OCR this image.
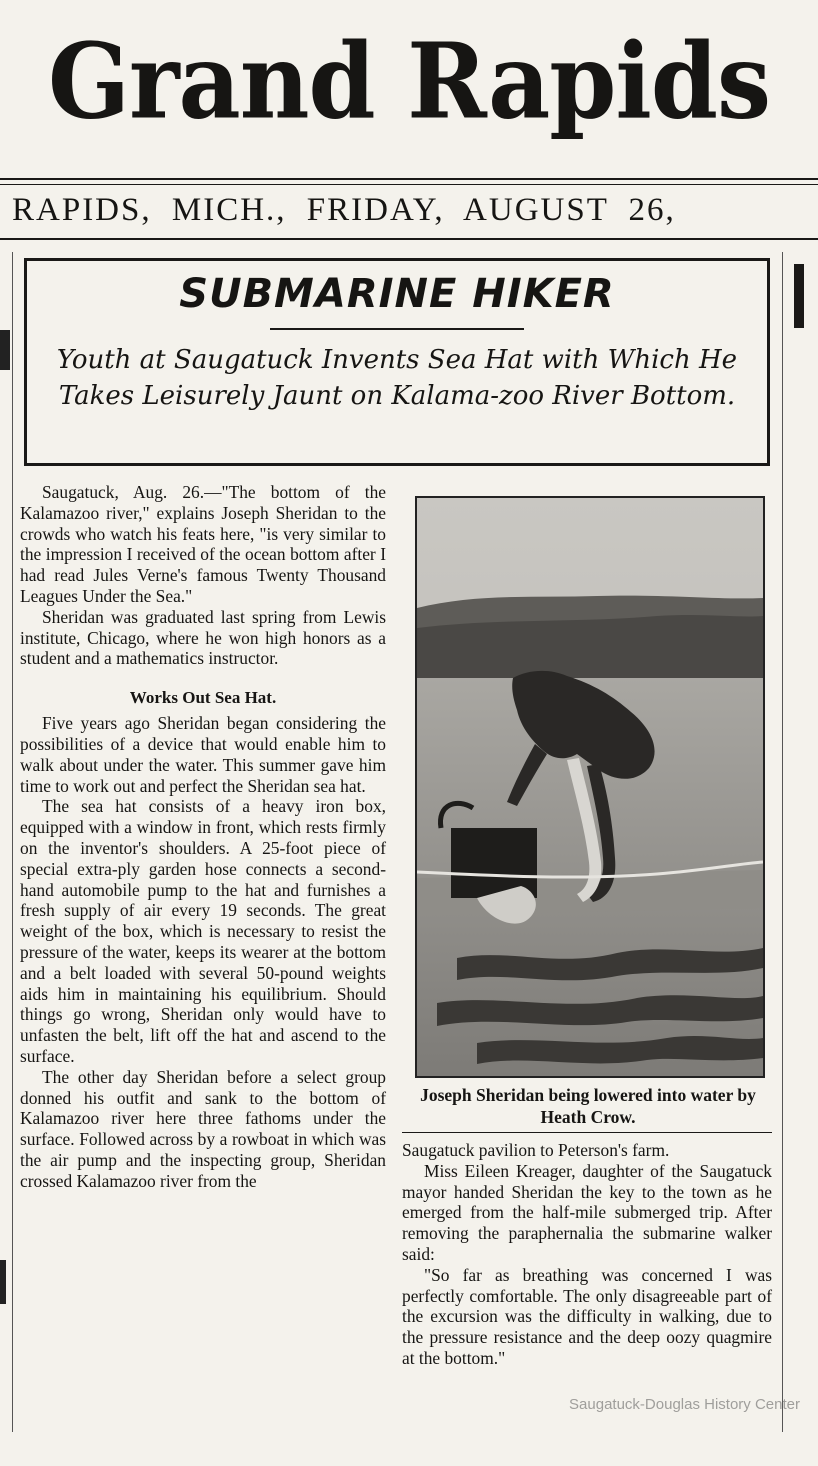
Grand Rapids
RAPIDS, MICH., FRIDAY, AUGUST 26,
SUBMARINE HIKER
Youth at Saugatuck Invents Sea Hat with Which He Takes Leisurely Jaunt on Kalama-zoo River Bottom.

Saugatuck, Aug. 26.—"The bottom of the Kalamazoo river," explains Joseph Sheridan to the crowds who watch his feats here, "is very similar to the impression I received of the ocean bottom after I had read Jules Verne's famous Twenty Thousand Leagues Under the Sea."

Sheridan was graduated last spring from Lewis institute, Chicago, where he won high honors as a student and a mathematics instructor.

Works Out Sea Hat.

Five years ago Sheridan began considering the possibilities of a device that would enable him to walk about under the water. This summer gave him time to work out and perfect the Sheridan sea hat.

The sea hat consists of a heavy iron box, equipped with a window in front, which rests firmly on the inventor's shoulders. A 25-foot piece of special extra-ply garden hose connects a second-hand automobile pump to the hat and furnishes a fresh supply of air every 19 seconds. The great weight of the box, which is necessary to resist the pressure of the water, keeps its wearer at the bottom and a belt loaded with several 50-pound weights aids him in maintaining his equilibrium. Should things go wrong, Sheridan only would have to unfasten the belt, lift off the hat and ascend to the surface.

The other day Sheridan before a select group donned his outfit and sank to the bottom of Kalamazoo river here three fathoms under the surface. Followed across by a rowboat in which was the air pump and the inspecting group, Sheridan crossed Kalamazoo river from the

Joseph Sheridan being lowered into water by Heath Crow.

Saugatuck pavilion to Peterson's farm.

Miss Eileen Kreager, daughter of the Saugatuck mayor handed Sheridan the key to the town as he emerged from the half-mile submerged trip. After removing the paraphernalia the submarine walker said:

"So far as breathing was concerned I was perfectly comfortable. The only disagreeable part of the excursion was the difficulty in walking, due to the pressure resistance and the deep oozy quagmire at the bottom."

Saugatuck-Douglas History Center
